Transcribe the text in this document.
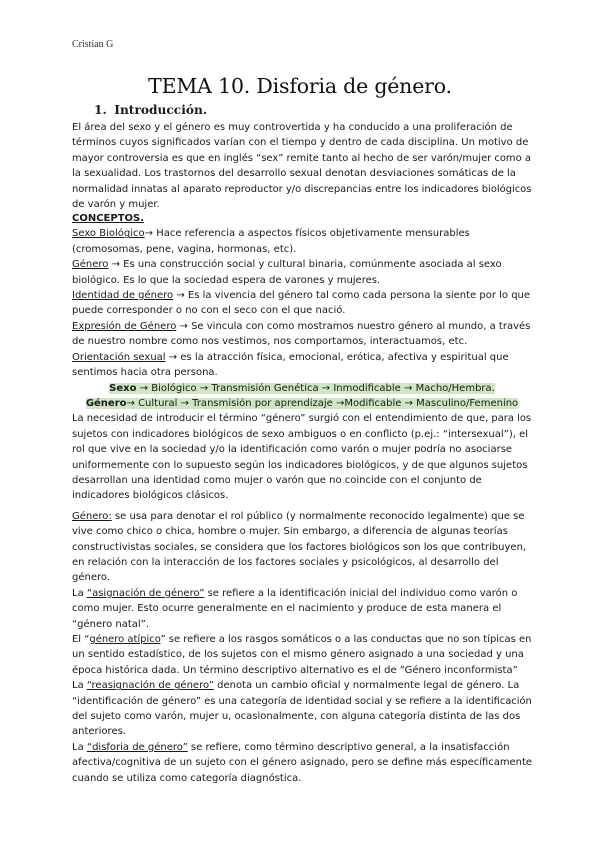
Cristian G
TEMA 10. Disforia de género.
1. Introducción.

El área del sexo y el género es muy controvertida y ha conducido a una proliferación de
términos cuyos significados varían con el tiempo y dentro de cada disciplina. Un motivo de
mayor controversia es que en inglés “sex” remite tanto al hecho de ser varón/mujer como a
la sexualidad. Los trastornos del desarrollo sexual denotan desviaciones somáticas de la
normalidad innatas al aparato reproductor y/o discrepancias entre los indicadores biológicos
de varón y mujer.

CONCEPTOS.

Sexo Biológico→ Hace referencia a aspectos físicos objetivamente mensurables
(cromosomas, pene, vagina, hormonas, etc).

Género → Es una construcción social y cultural binaria, comúnmente asociada al sexo
biológico. Es lo que la sociedad espera de varones y mujeres.

Identidad de género → Es la vivencia del género tal como cada persona la siente por lo que
puede corresponder o no con el seco con el que nació.

Expresión de Género → Se vincula con como mostramos nuestro género al mundo, a través
de nuestro nombre como nos vestimos, nos comportamos, interactuamos, etc.

Orientación sexual → es la atracción física, emocional, erótica, afectiva y espiritual que
sentimos hacia otra persona.

Sexo → Biológico → Transmisión Genética → Inmodificable → Macho/Hembra.
Género→ Cultural → Transmisión por aprendizaje →Modificable → Masculino/Femenino

La necesidad de introducir el término “género” surgió con el entendimiento de que, para los
sujetos con indicadores biológicos de sexo ambiguos o en conflicto (p.ej.: “intersexual”), el
rol que vive en la sociedad y/o la identificación como varón o mujer podría no asociarse
uniformemente con lo supuesto según los indicadores biológicos, y de que algunos sujetos
desarrollan una identidad como mujer o varón que no coincide con el conjunto de
indicadores biológicos clásicos.

Género: se usa para denotar el rol público (y normalmente reconocido legalmente) que se
vive como chico o chica, hombre o mujer. Sin embargo, a diferencia de algunas teorías
constructivistas sociales, se considera que los factores biológicos son los que contribuyen,
en relación con la interacción de los factores sociales y psicológicos, al desarrollo del
género.

La “asignación de género” se refiere a la identificación inicial del individuo como varón o
como mujer. Esto ocurre generalmente en el nacimiento y produce de esta manera el
“género natal”.

El “género atípico” se refiere a los rasgos somáticos o a las conductas que no son típicas en
un sentido estadístico, de los sujetos con el mismo género asignado a una sociedad y una
época histórica dada. Un término descriptivo alternativo es el de “Género inconformista”

La “reasignación de género” denota un cambio oficial y normalmente legal de género. La
“identificación de género” es una categoría de identidad social y se refiere a la identificación
del sujeto como varón, mujer u, ocasionalmente, con alguna categoría distinta de las dos
anteriores.

La “disforia de género” se refiere, como término descriptivo general, a la insatisfacción
afectiva/cognitiva de un sujeto con el género asignado, pero se define más específicamente
cuando se utiliza como categoría diagnóstica.
